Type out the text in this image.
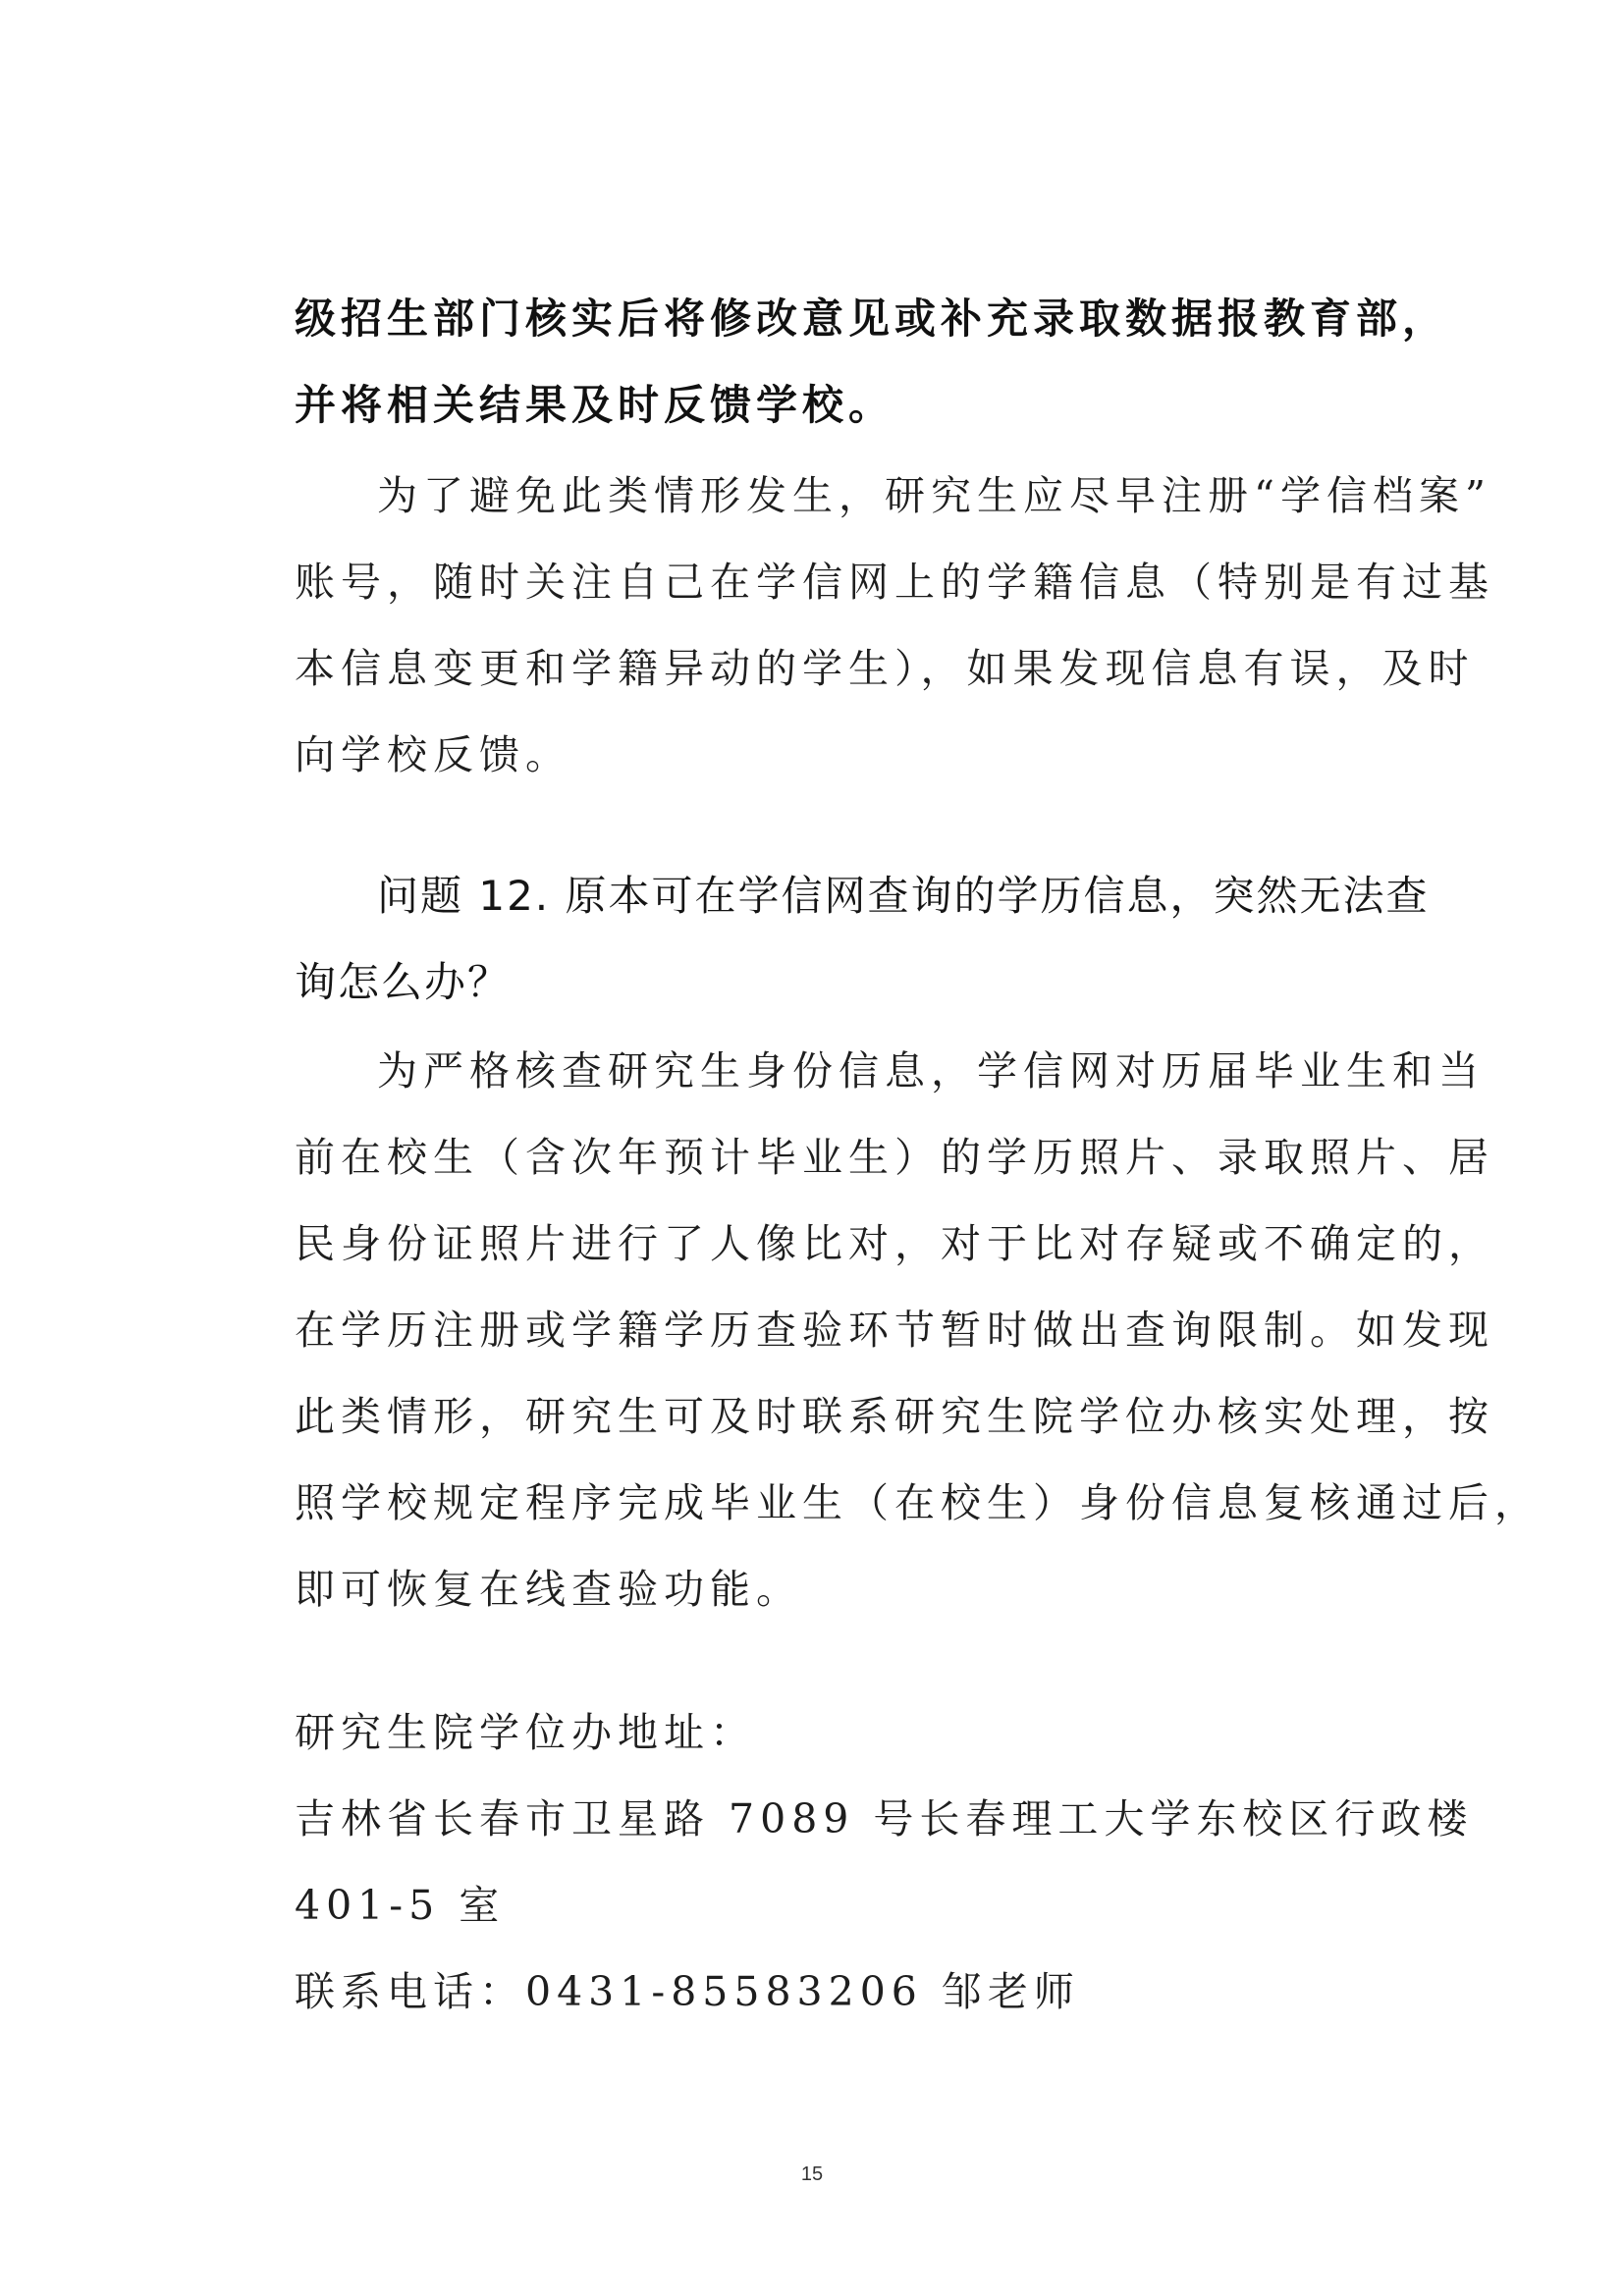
级招生部门核实后将修改意见或补充录取数据报教育部，
并将相关结果及时反馈学校。
为了避免此类情形发生，研究生应尽早注册“学信档案”
账号，随时关注自己在学信网上的学籍信息（特别是有过基
本信息变更和学籍异动的学生），如果发现信息有误，及时
向学校反馈。
问题 12. 原本可在学信网查询的学历信息，突然无法查
询怎么办？
为严格核查研究生身份信息，学信网对历届毕业生和当
前在校生（含次年预计毕业生）的学历照片、录取照片、居
民身份证照片进行了人像比对，对于比对存疑或不确定的，
在学历注册或学籍学历查验环节暂时做出查询限制。如发现
此类情形，研究生可及时联系研究生院学位办核实处理，按
照学校规定程序完成毕业生（在校生）身份信息复核通过后，
即可恢复在线查验功能。
研究生院学位办地址：
吉林省长春市卫星路 7089 号长春理工大学东校区行政楼
401-5 室
联系电话：0431-85583206 邹老师
15
